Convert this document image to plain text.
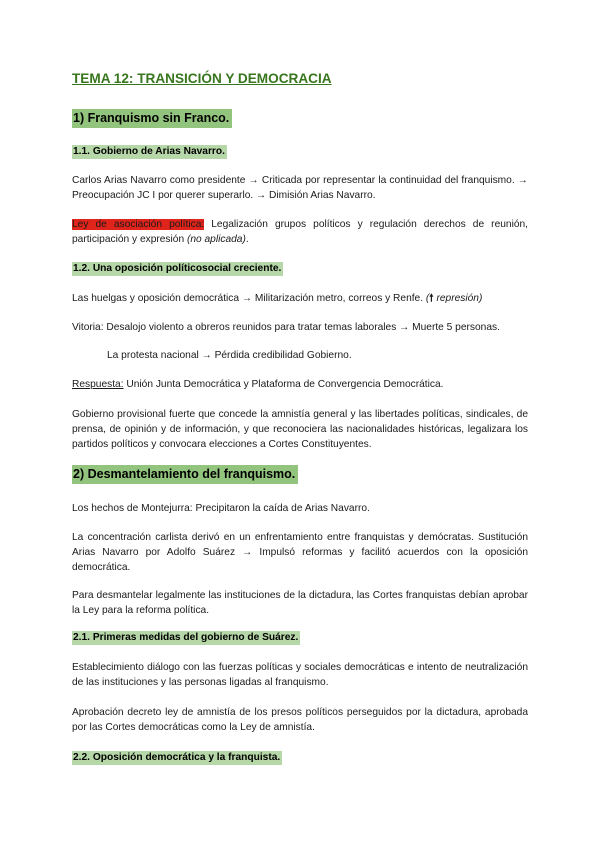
TEMA 12: TRANSICIÓN Y DEMOCRACIA
1) Franquismo sin Franco.
1.1. Gobierno de Arias Navarro.
Carlos Arias Navarro como presidente → Criticada por representar la continuidad del franquismo. → Preocupación JC I por querer superarlo. → Dimisión Arias Navarro.
Ley de asociación política: Legalización grupos políticos y regulación derechos de reunión, participación y expresión (no aplicada).
1.2. Una oposición políticosocial creciente.
Las huelgas y oposición democrática → Militarización metro, correos y Renfe. (🠕 represión)
Vitoria: Desalojo violento a obreros reunidos para tratar temas laborales → Muerte 5 personas.
La protesta nacional → Pérdida credibilidad Gobierno.
Respuesta: Unión Junta Democrática y Plataforma de Convergencia Democrática.
Gobierno provisional fuerte que concede la amnistía general y las libertades políticas, sindicales, de prensa, de opinión y de información, y que reconociera las nacionalidades históricas, legalizara los partidos políticos y convocara elecciones a Cortes Constituyentes.
2) Desmantelamiento del franquismo.
Los hechos de Montejurra: Precipitaron la caída de Arias Navarro.
La concentración carlista derivó en un enfrentamiento entre franquistas y demócratas. Sustitución Arias Navarro por Adolfo Suárez → Impulsó reformas y facilitó acuerdos con la oposición democrática.
Para desmantelar legalmente las instituciones de la dictadura, las Cortes franquistas debían aprobar la Ley para la reforma política.
2.1. Primeras medidas del gobierno de Suárez.
Establecimiento diálogo con las fuerzas políticas y sociales democráticas e intento de neutralización de las instituciones y las personas ligadas al franquismo.
Aprobación decreto ley de amnistía de los presos políticos perseguidos por la dictadura, aprobada por las Cortes democráticas como la Ley de amnistía.
2.2. Oposición democrática y la franquista.
